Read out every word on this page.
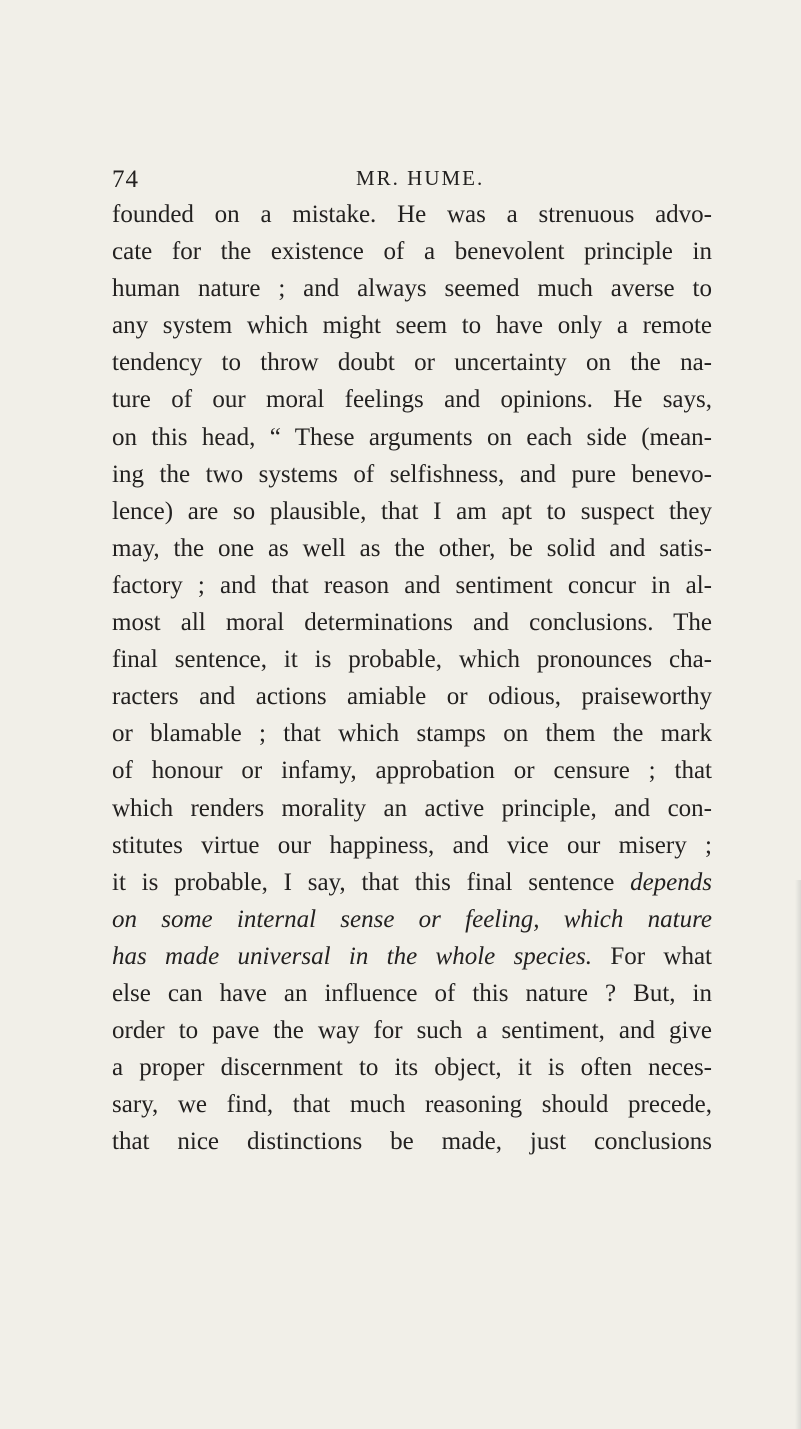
74	MR. HUME.
founded on a mistake. He was a strenuous advo-
cate for the existence of a benevolent principle in
human nature ; and always seemed much averse to
any system which might seem to have only a remote
tendency to throw doubt or uncertainty on the na-
ture of our moral feelings and opinions. He says,
on this head, “ These arguments on each side (mean-
ing the two systems of selfishness, and pure benevo-
lence) are so plausible, that I am apt to suspect they
may, the one as well as the other, be solid and satis-
factory ; and that reason and sentiment concur in al-
most all moral determinations and conclusions. The
final sentence, it is probable, which pronounces cha-
racters and actions amiable or odious, praiseworthy
or blamable ; that which stamps on them the mark
of honour or infamy, approbation or censure ; that
which renders morality an active principle, and con-
stitutes virtue our happiness, and vice our misery ;
it is probable, I say, that this final sentence depends
on some internal sense or feeling, which nature
has made universal in the whole species. For what
else can have an influence of this nature ? But, in
order to pave the way for such a sentiment, and give
a proper discernment to its object, it is often neces-
sary, we find, that much reasoning should precede,
that nice distinctions be made, just conclusions
